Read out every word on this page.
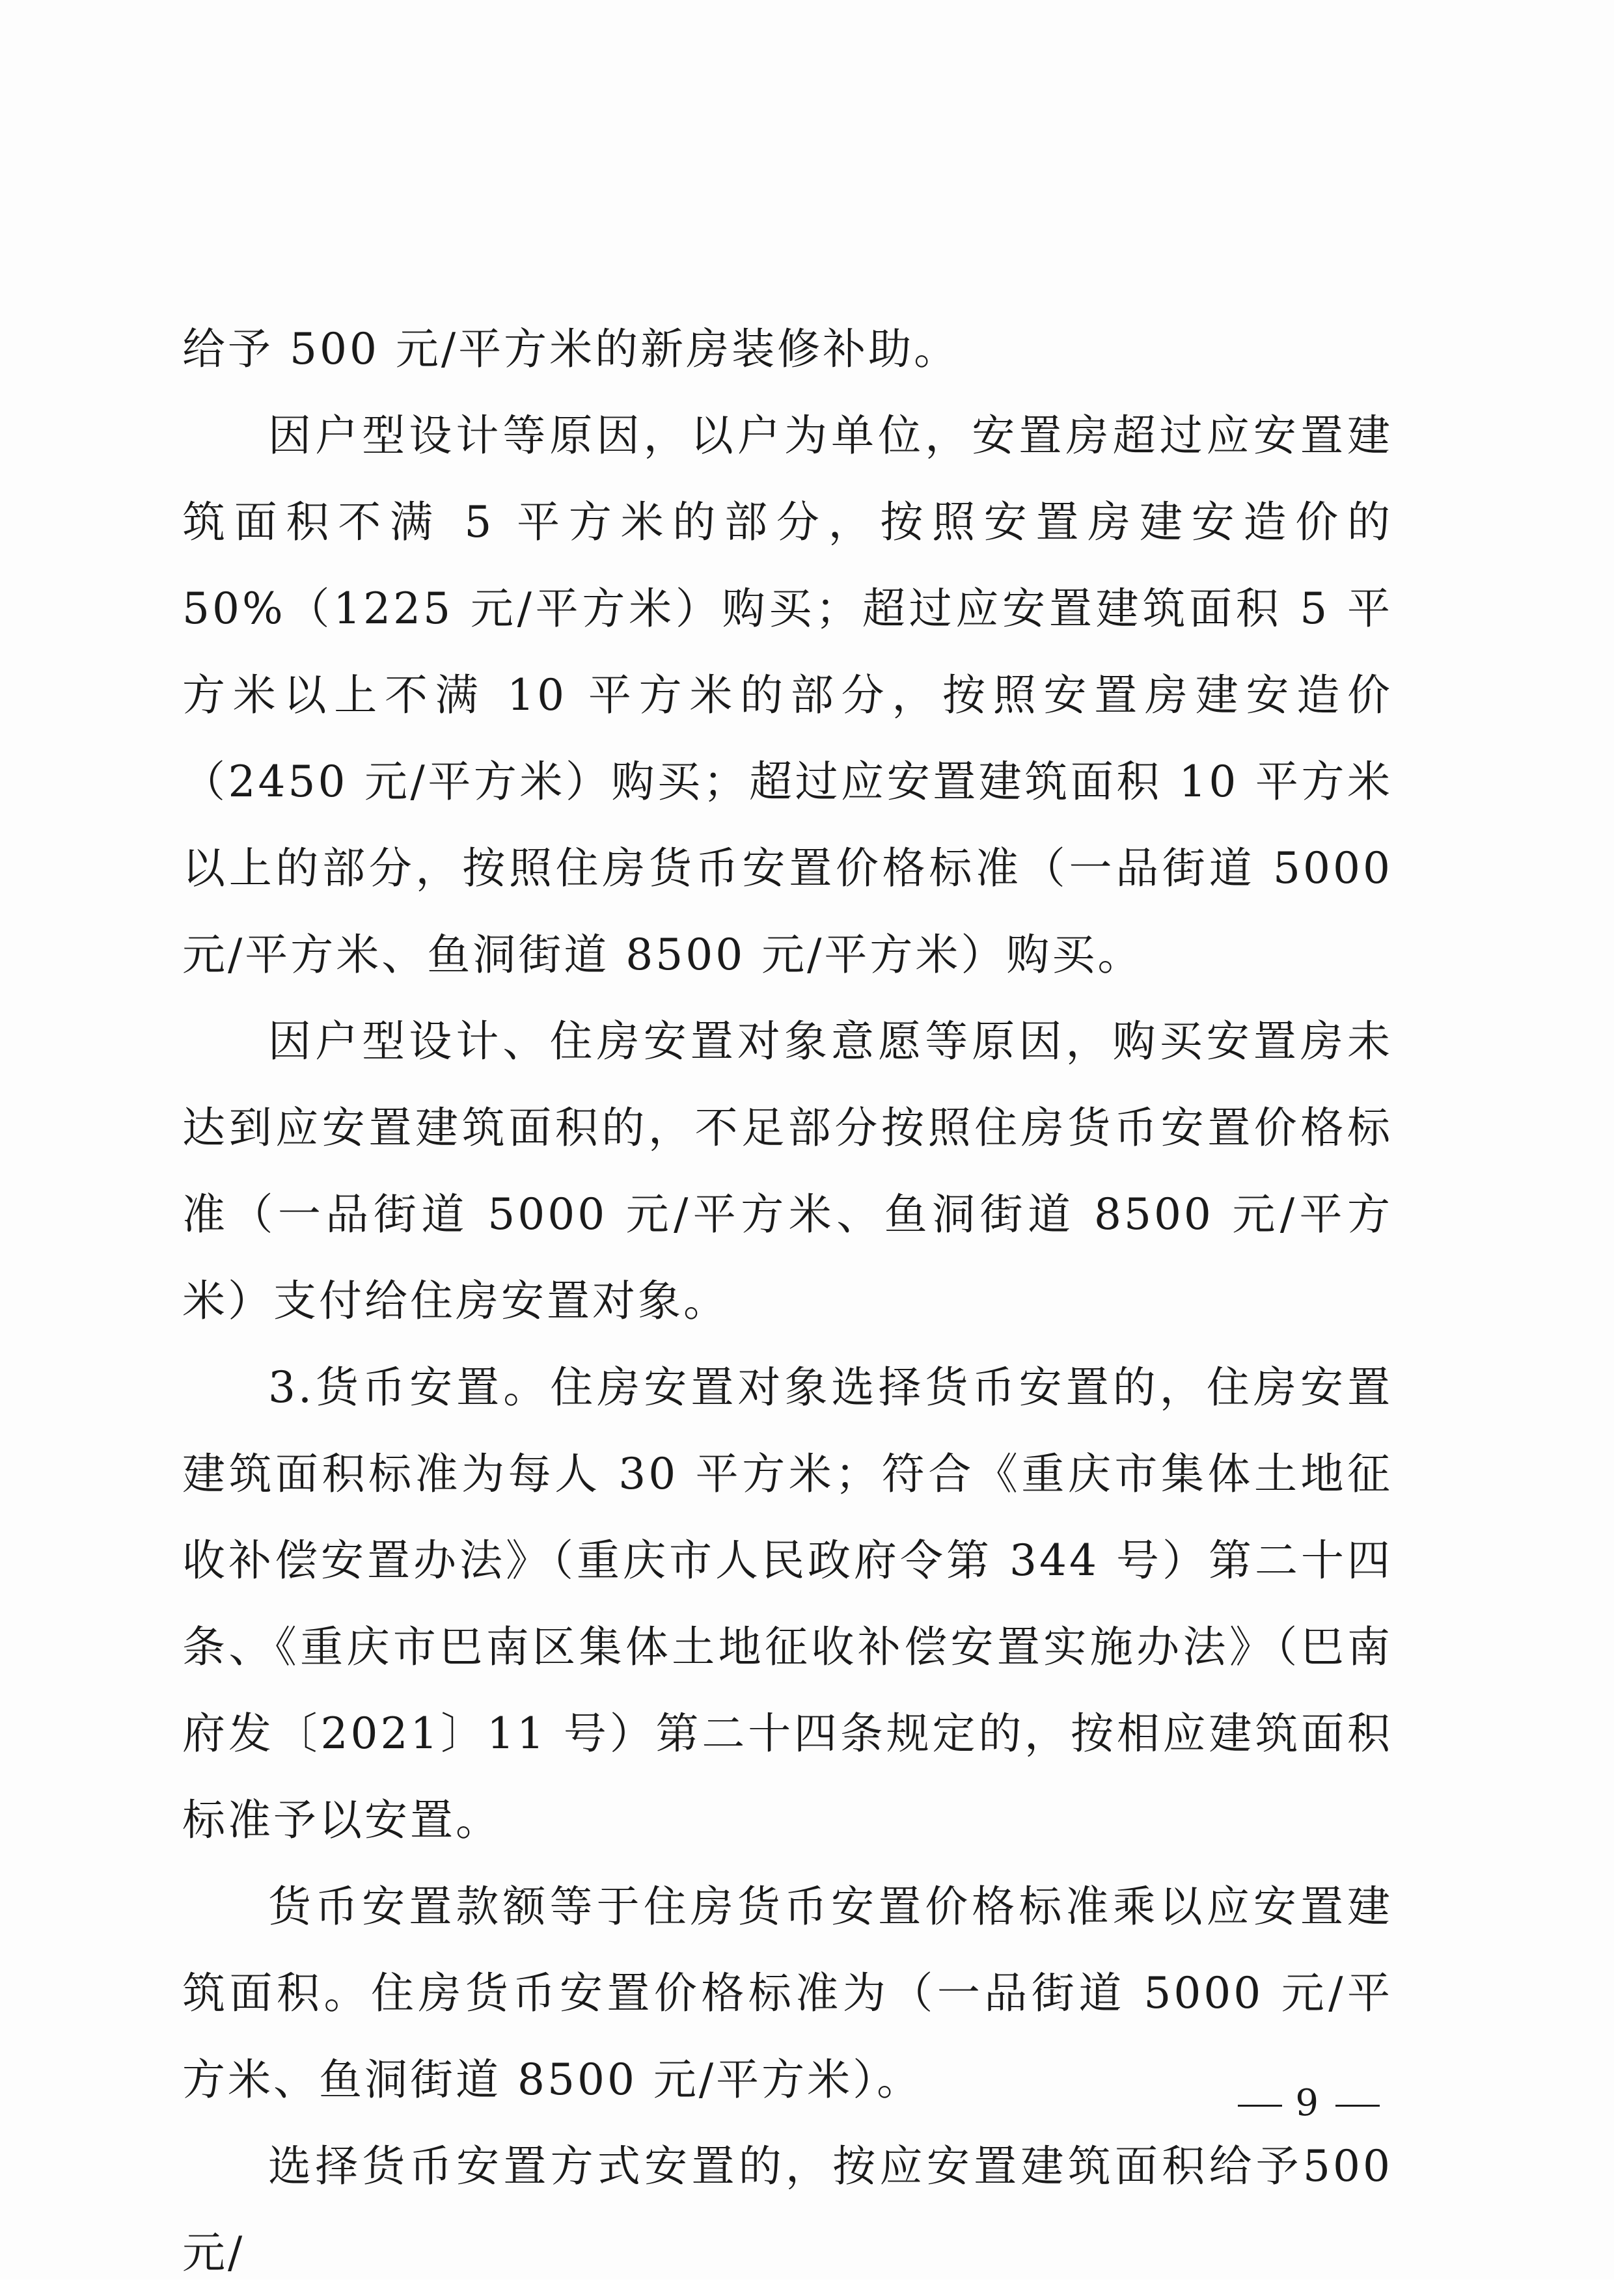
给予 500 元/平方米的新房装修补助。

因户型设计等原因，以户为单位，安置房超过应安置建筑面积不满 5 平方米的部分，按照安置房建安造价的 50%（1225 元/平方米）购买；超过应安置建筑面积 5 平方米以上不满 10 平方米的部分，按照安置房建安造价（2450 元/平方米）购买；超过应安置建筑面积 10 平方米以上的部分，按照住房货币安置价格标准（一品街道 5000 元/平方米、鱼洞街道 8500 元/平方米）购买。

因户型设计、住房安置对象意愿等原因，购买安置房未达到应安置建筑面积的，不足部分按照住房货币安置价格标准（一品街道 5000 元/平方米、鱼洞街道 8500 元/平方米）支付给住房安置对象。

3.货币安置。住房安置对象选择货币安置的，住房安置建筑面积标准为每人 30 平方米；符合《重庆市集体土地征收补偿安置办法》（重庆市人民政府令第 344 号）第二十四条、《重庆市巴南区集体土地征收补偿安置实施办法》（巴南府发〔2021〕11 号）第二十四条规定的，按相应建筑面积标准予以安置。

货币安置款额等于住房货币安置价格标准乘以应安置建筑面积。住房货币安置价格标准为（一品街道 5000 元/平方米、鱼洞街道 8500 元/平方米）。

选择货币安置方式安置的，按应安置建筑面积给予500元/

9
